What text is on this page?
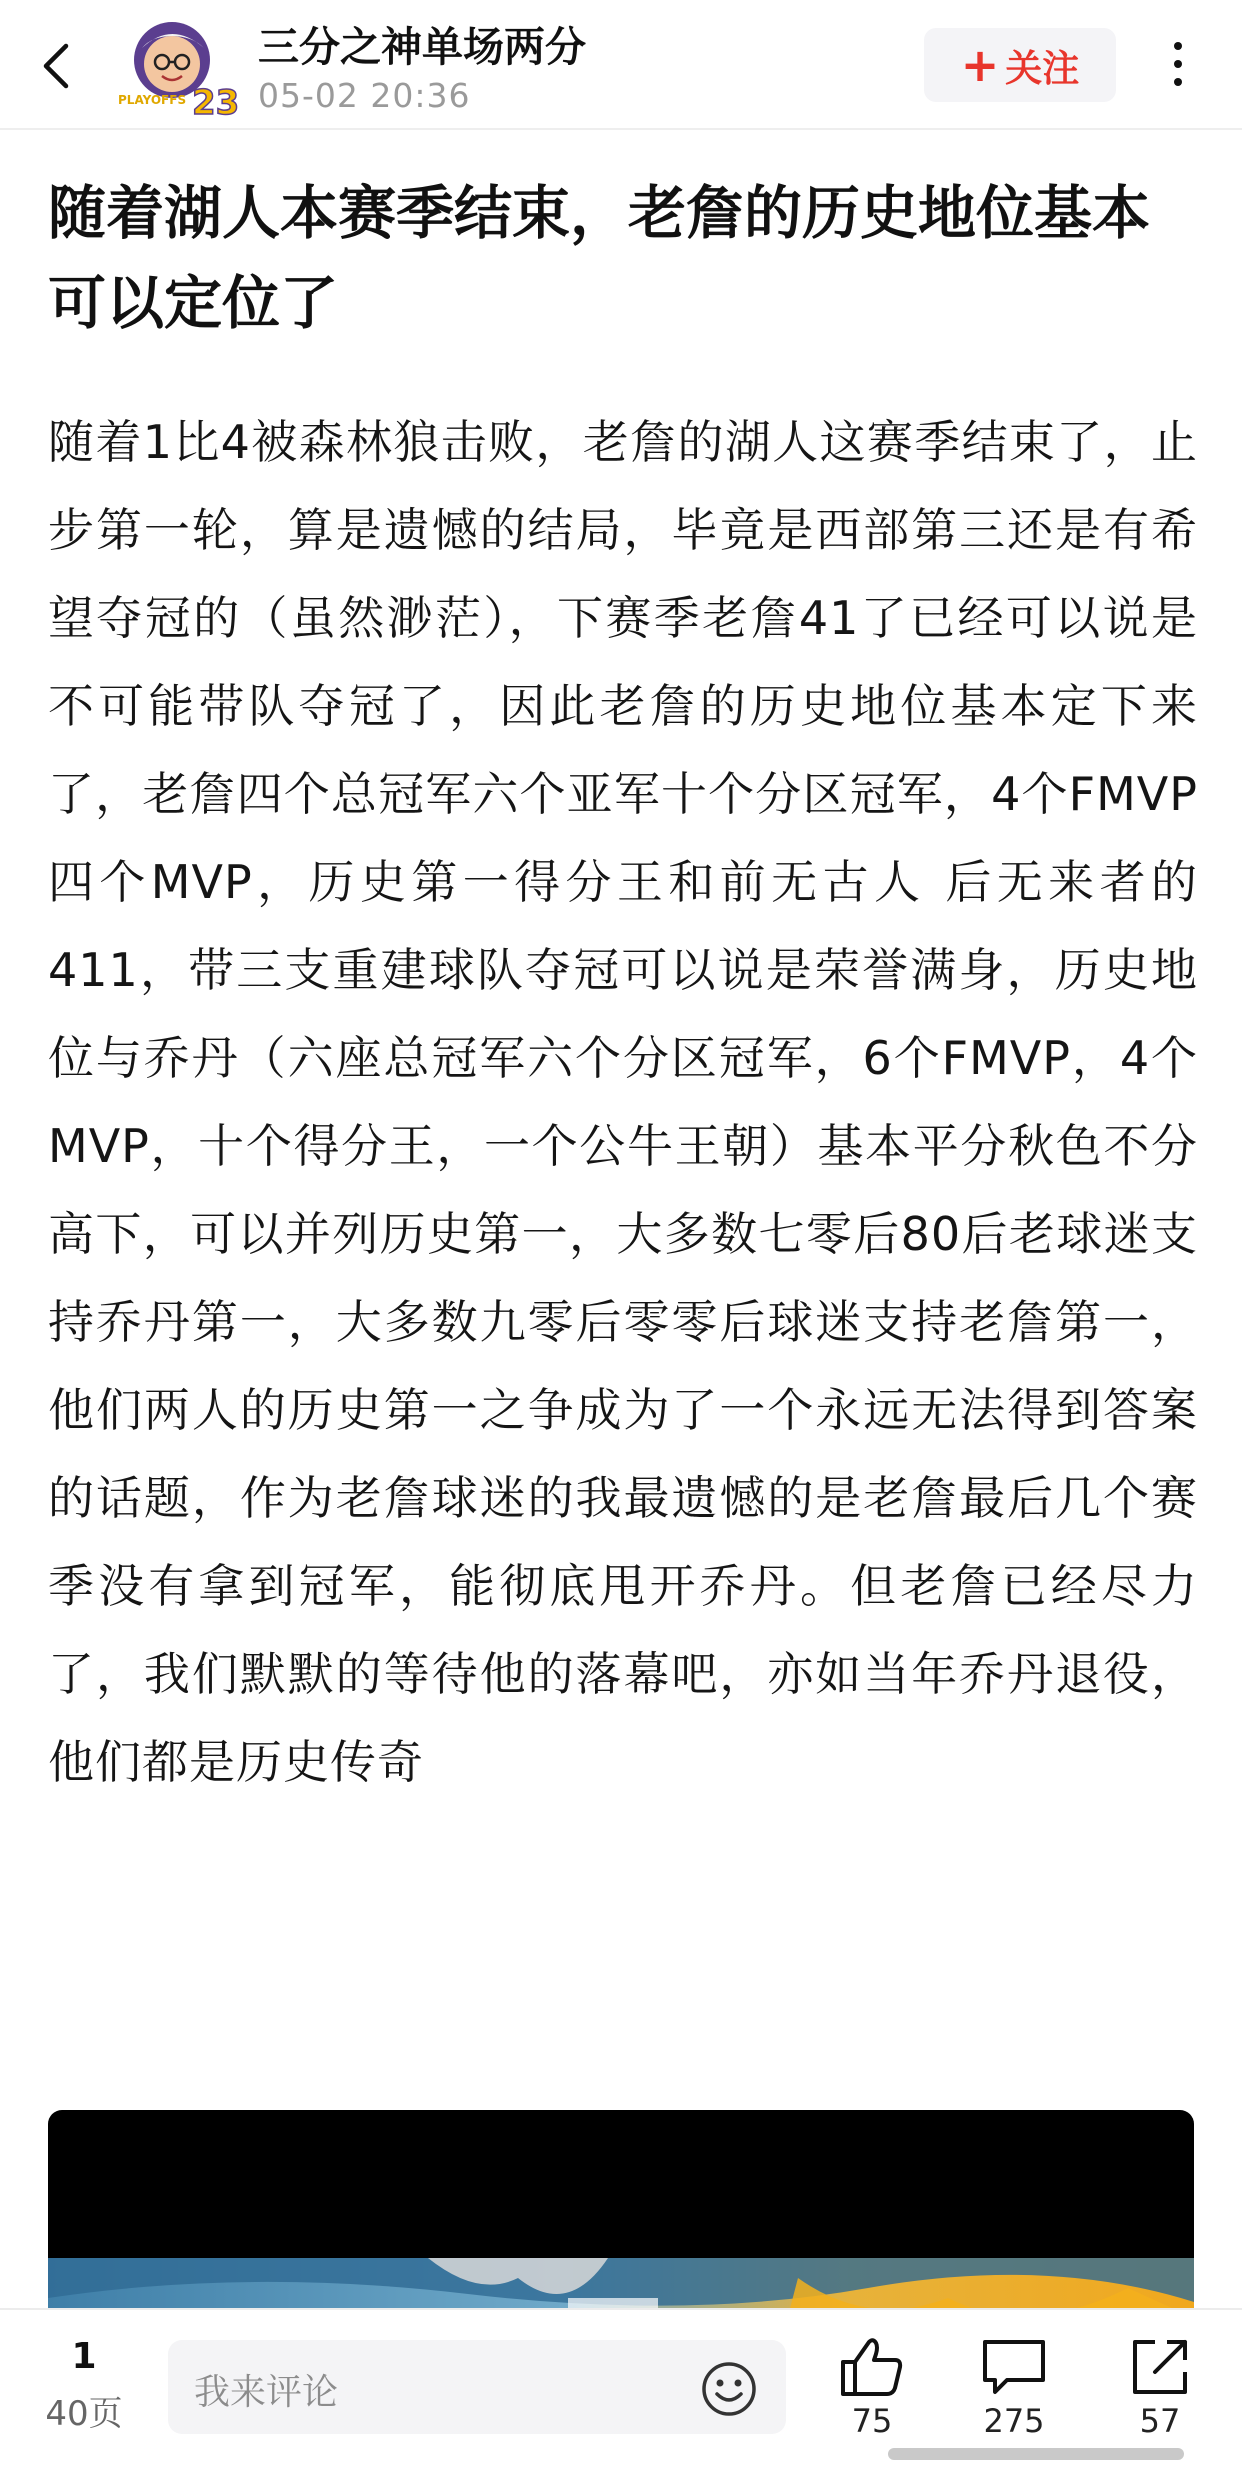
PLAYOFFS 23
三分之神单场两分
05-02 20:36
+ 关注
随着湖人本赛季结束，老詹的历史地位基本可以定位了
随着1比4被森林狼击败，老詹的湖人这赛季结束了，止步第一轮，算是遗憾的结局，毕竟是西部第三还是有希望夺冠的（虽然渺茫），下赛季老詹41了已经可以说是不可能带队夺冠了，因此老詹的历史地位基本定下来了，老詹四个总冠军六个亚军十个分区冠军，4个FMVP四个MVP，历史第一得分王和前无古人 后无来者的411，带三支重建球队夺冠可以说是荣誉满身，历史地位与乔丹（六座总冠军六个分区冠军，6个FMVP，4个MVP，十个得分王，一个公牛王朝）基本平分秋色不分高下，可以并列历史第一，大多数七零后80后老球迷支持乔丹第一，大多数九零后零零后球迷支持老詹第一，他们两人的历史第一之争成为了一个永远无法得到答案的话题，作为老詹球迷的我最遗憾的是老詹最后几个赛季没有拿到冠军，能彻底甩开乔丹。但老詹已经尽力了，我们默默的等待他的落幕吧，亦如当年乔丹退役，他们都是历史传奇
1
40页
我来评论
75	275	57
